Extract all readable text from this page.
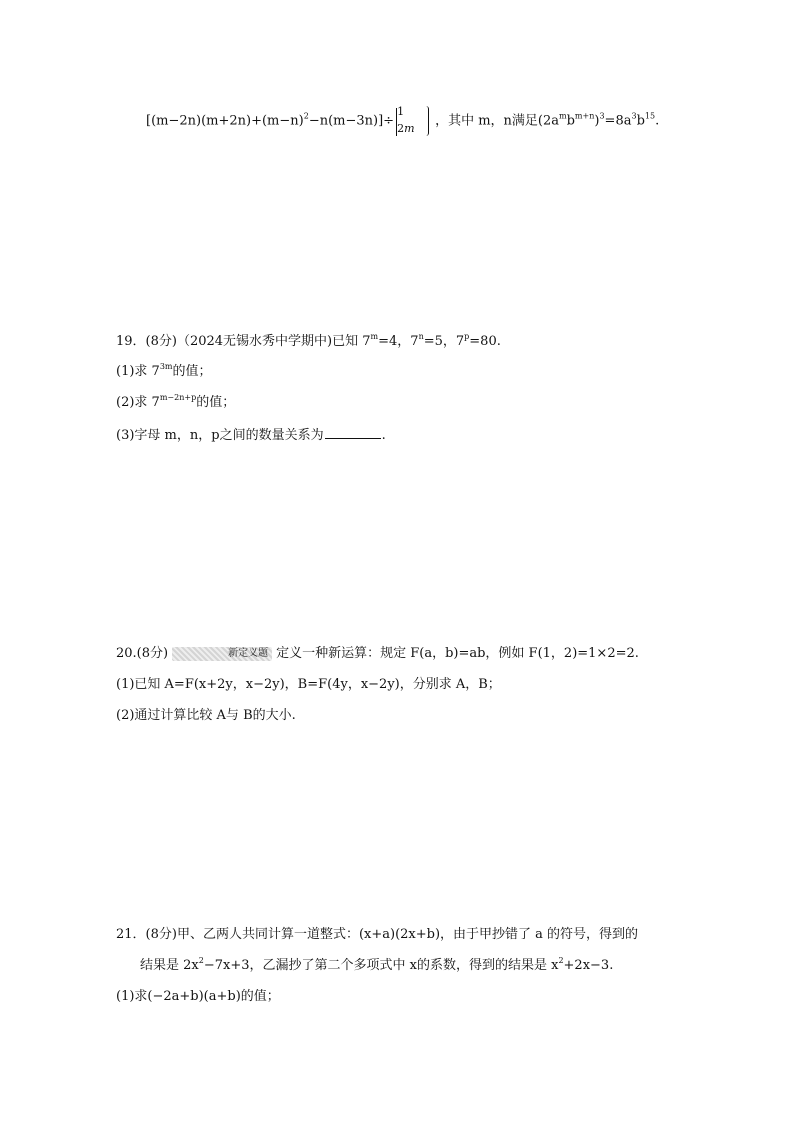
$[(m-2n)(m+2n)+(m-n)^2-n(m-3n)]\div$
1
2m ，其中 m，n满足$(2a^mb^{m+n})^3=8a^3b^{15}$.
19．(8分)（2024无锡水秀中学期中)已知 $7^m=4$，$7^n=5$，$7^p=80$.
(1)求 $7^{3m}$的值；
(2)求 $7^{m-2n+p}$的值；
(3)字母 m，n，p之间的数量关系为	.
20.(8分)	新定义题 定义一种新运算：规定 F(a，b)=ab，例如 F(1，2)=1×2=2.
(1)已知 A=F(x+2y，x−2y)，B=F(4y，x−2y)，分别求 A，B；
(2)通过计算比较 A与 B的大小.
21．(8分)甲、乙两人共同计算一道整式：(x+a)(2x+b)，由于甲抄错了 a 的符号，得到的
结果是 $2x^2-7x+3$，乙漏抄了第二个多项式中 x的系数，得到的结果是 $x^2+2x-3$.
(1)求(−2a+b)(a+b)的值；
